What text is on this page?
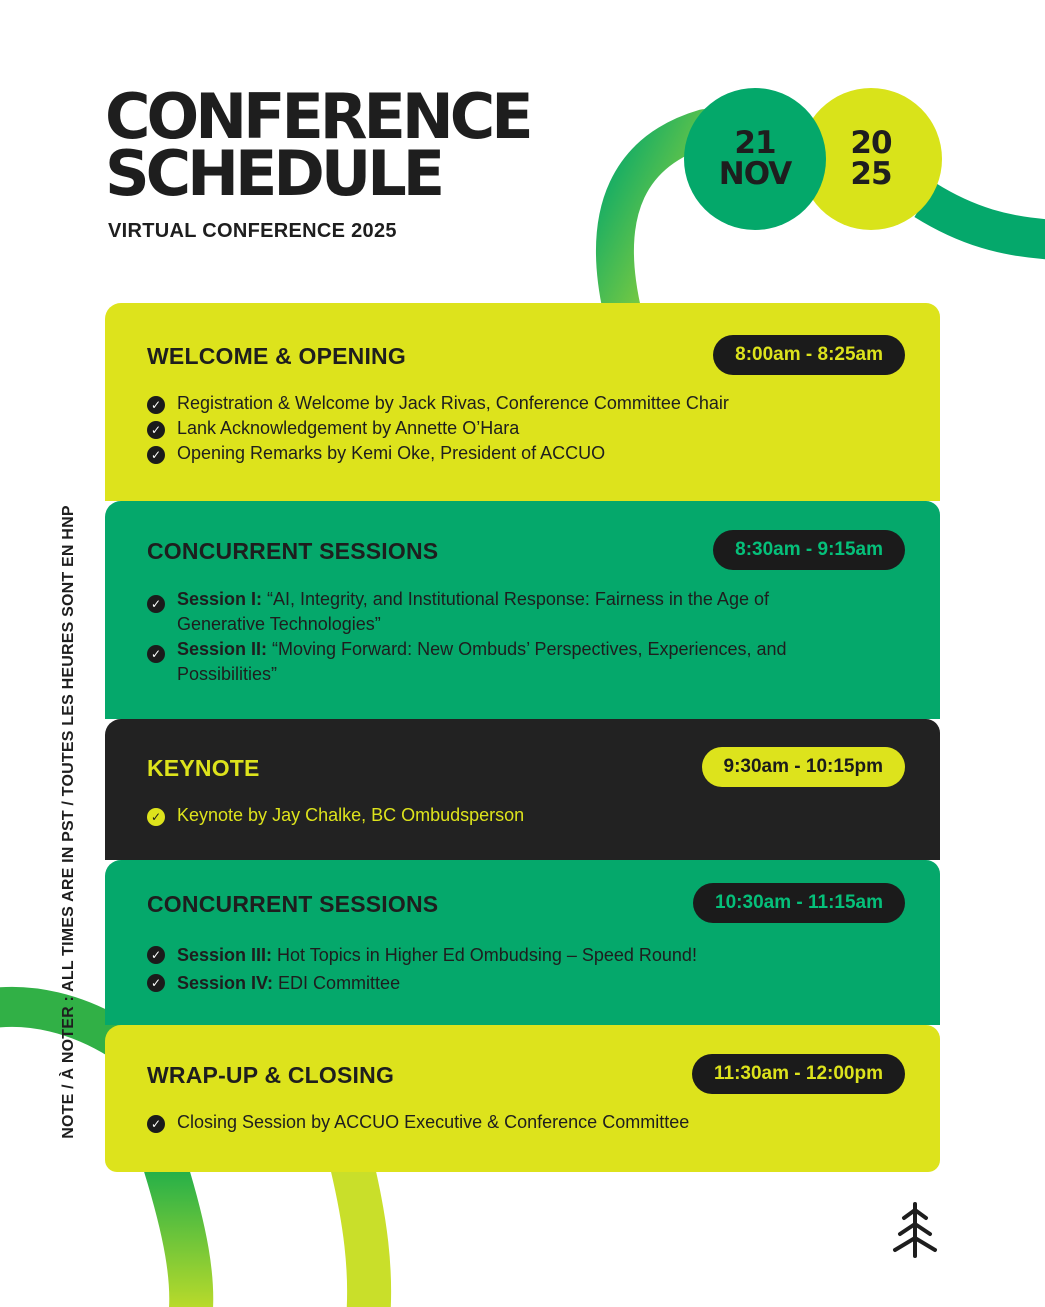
CONFERENCE
SCHEDULE
VIRTUAL CONFERENCE 2025
21
NOV
20
25
NOTE / À NOTER : ALL TIMES ARE IN PST / TOUTES LES HEURES SONT EN HNP
WELCOME & OPENING	8:00am - 8:25am
✓ Registration & Welcome by Jack Rivas, Conference Committee Chair
✓ Lank Acknowledgement by Annette O’Hara
✓ Opening Remarks by Kemi Oke, President of ACCUO
CONCURRENT SESSIONS	8:30am - 9:15am
✓ Session I: “AI, Integrity, and Institutional Response: Fairness in the Age of Generative Technologies”
✓ Session II: “Moving Forward: New Ombuds’ Perspectives, Experiences, and Possibilities”
KEYNOTE	9:30am - 10:15pm
✓ Keynote by Jay Chalke, BC Ombudsperson
CONCURRENT SESSIONS	10:30am - 11:15am
✓ Session III: Hot Topics in Higher Ed Ombudsing – Speed Round!
✓ Session IV: EDI Committee
WRAP-UP & CLOSING	11:30am - 12:00pm
✓ Closing Session by ACCUO Executive & Conference Committee
